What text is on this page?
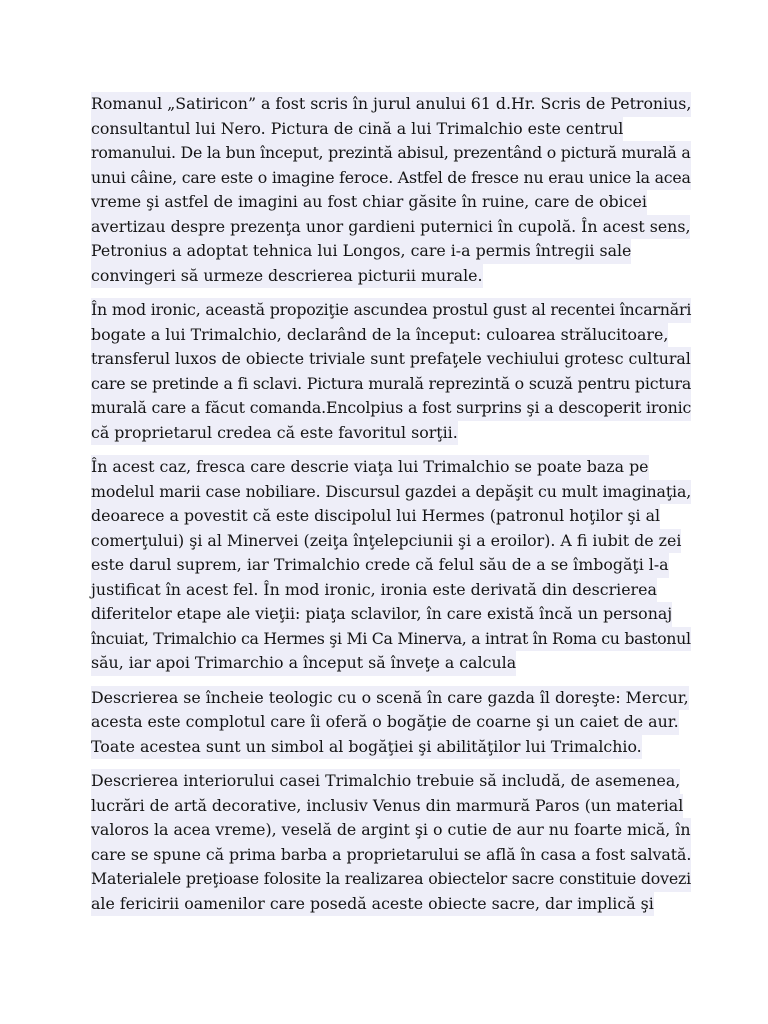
Romanul „Satiricon” a fost scris în jurul anului 61 d.Hr. Scris de Petronius,
consultantul lui Nero. Pictura de cină a lui Trimalchio este centrul
romanului. De la bun început, prezintă abisul, prezentând o pictură murală a
unui câine, care este o imagine feroce. Astfel de fresce nu erau unice la acea
vreme şi astfel de imagini au fost chiar găsite în ruine, care de obicei
avertizau despre prezenţa unor gardieni puternici în cupolă. În acest sens,
Petronius a adoptat tehnica lui Longos, care i-a permis întregii sale
convingeri să urmeze descrierea picturii murale.

În mod ironic, această propoziţie ascundea prostul gust al recentei încarnări
bogate a lui Trimalchio, declarând de la început: culoarea strălucitoare,
transferul luxos de obiecte triviale sunt prefaţele vechiului grotesc cultural
care se pretinde a fi sclavi. Pictura murală reprezintă o scuză pentru pictura
murală care a făcut comanda.Encolpius a fost surprins şi a descoperit ironic
că proprietarul credea că este favoritul sorţii.

În acest caz, fresca care descrie viaţa lui Trimalchio se poate baza pe
modelul marii case nobiliare. Discursul gazdei a depăşit cu mult imaginaţia,
deoarece a povestit că este discipolul lui Hermes (patronul hoţilor şi al
comerţului) şi al Minervei (zeiţa înţelepciunii şi a eroilor). A fi iubit de zei
este darul suprem, iar Trimalchio crede că felul său de a se îmbogăţi l-a
justificat în acest fel. În mod ironic, ironia este derivată din descrierea
diferitelor etape ale vieţii: piaţa sclavilor, în care există încă un personaj
încuiat, Trimalchio ca Hermes şi Mi Ca Minerva, a intrat în Roma cu bastonul
său, iar apoi Trimarchio a început să înveţe a calcula

Descrierea se încheie teologic cu o scenă în care gazda îl doreşte: Mercur,
acesta este complotul care îi oferă o bogăţie de coarne şi un caiet de aur.
Toate acestea sunt un simbol al bogăţiei şi abilităţilor lui Trimalchio.

Descrierea interiorului casei Trimalchio trebuie să includă, de asemenea,
lucrări de artă decorative, inclusiv Venus din marmură Paros (un material
valoros la acea vreme), veselă de argint şi o cutie de aur nu foarte mică, în
care se spune că prima barba a proprietarului se află în casa a fost salvată.
Materialele preţioase folosite la realizarea obiectelor sacre constituie dovezi
ale fericirii oamenilor care posedă aceste obiecte sacre, dar implică şi
